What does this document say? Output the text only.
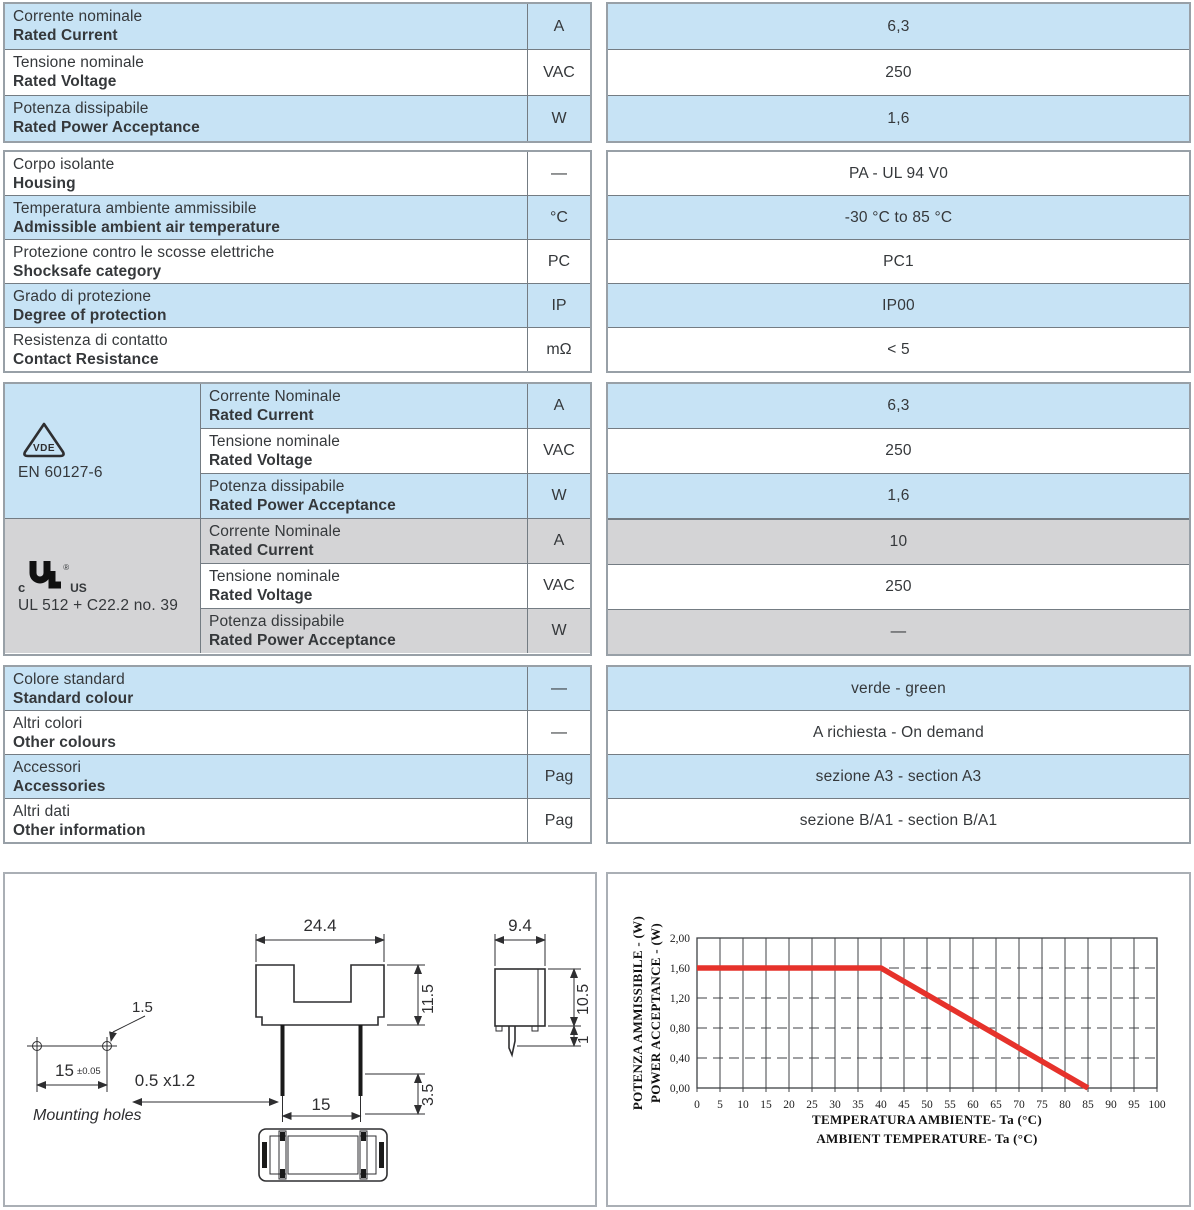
Corrente nominale
Rated Current
A
Tensione nominale
Rated Voltage
VAC
Potenza dissipabile
Rated Power Acceptance
W
6,3
250
1,6
Corpo isolante
Housing
—
Temperatura ambiente ammissibile
Admissible ambient air temperature
°C
Protezione contro le scosse elettriche
Shocksafe category
PC
Grado di protezione
Degree of protection
IP
Resistenza di contatto
Contact Resistance
mΩ
PA - UL 94 V0
-30 °C to 85 °C
PC1
IP00
< 5
VDE
EN 60127-6
Corrente Nominale
Rated Current
A
Tensione nominale
Rated Voltage
VAC
Potenza dissipabile
Rated Power Acceptance
W
c
®
US
UL 512 + C22.2 no. 39
Corrente Nominale
Rated Current
A
Tensione nominale
Rated Voltage
VAC
Potenza dissipabile
Rated Power Acceptance
W
6,3
250
1,6
10
250
—
Colore standard
Standard colour
—
Altri colori
Other colours
—
Accessori
Accessories
Pag
Altri dati
Other information
Pag
verde - green
A richiesta - On demand
sezione A3 - section A3
sezione B/A1 - section B/A1
1.5
15 ±0.05
Mounting holes
24.4
11.5
3.5
0.5 x1.2
15
9.4
10.5
1
0 5 10 15 20 25 30 35 40 45 50 55 60 65 70 75 80 85 90 95 100
0,00
0,40
0,80
1,20
1,60
2,00
TEMPERATURA AMBIENTE- Ta (°C)
AMBIENT TEMPERATURE- Ta (°C)
POTENZA AMMISSIBILE - (W) POWER ACCEPTANCE - (W)
